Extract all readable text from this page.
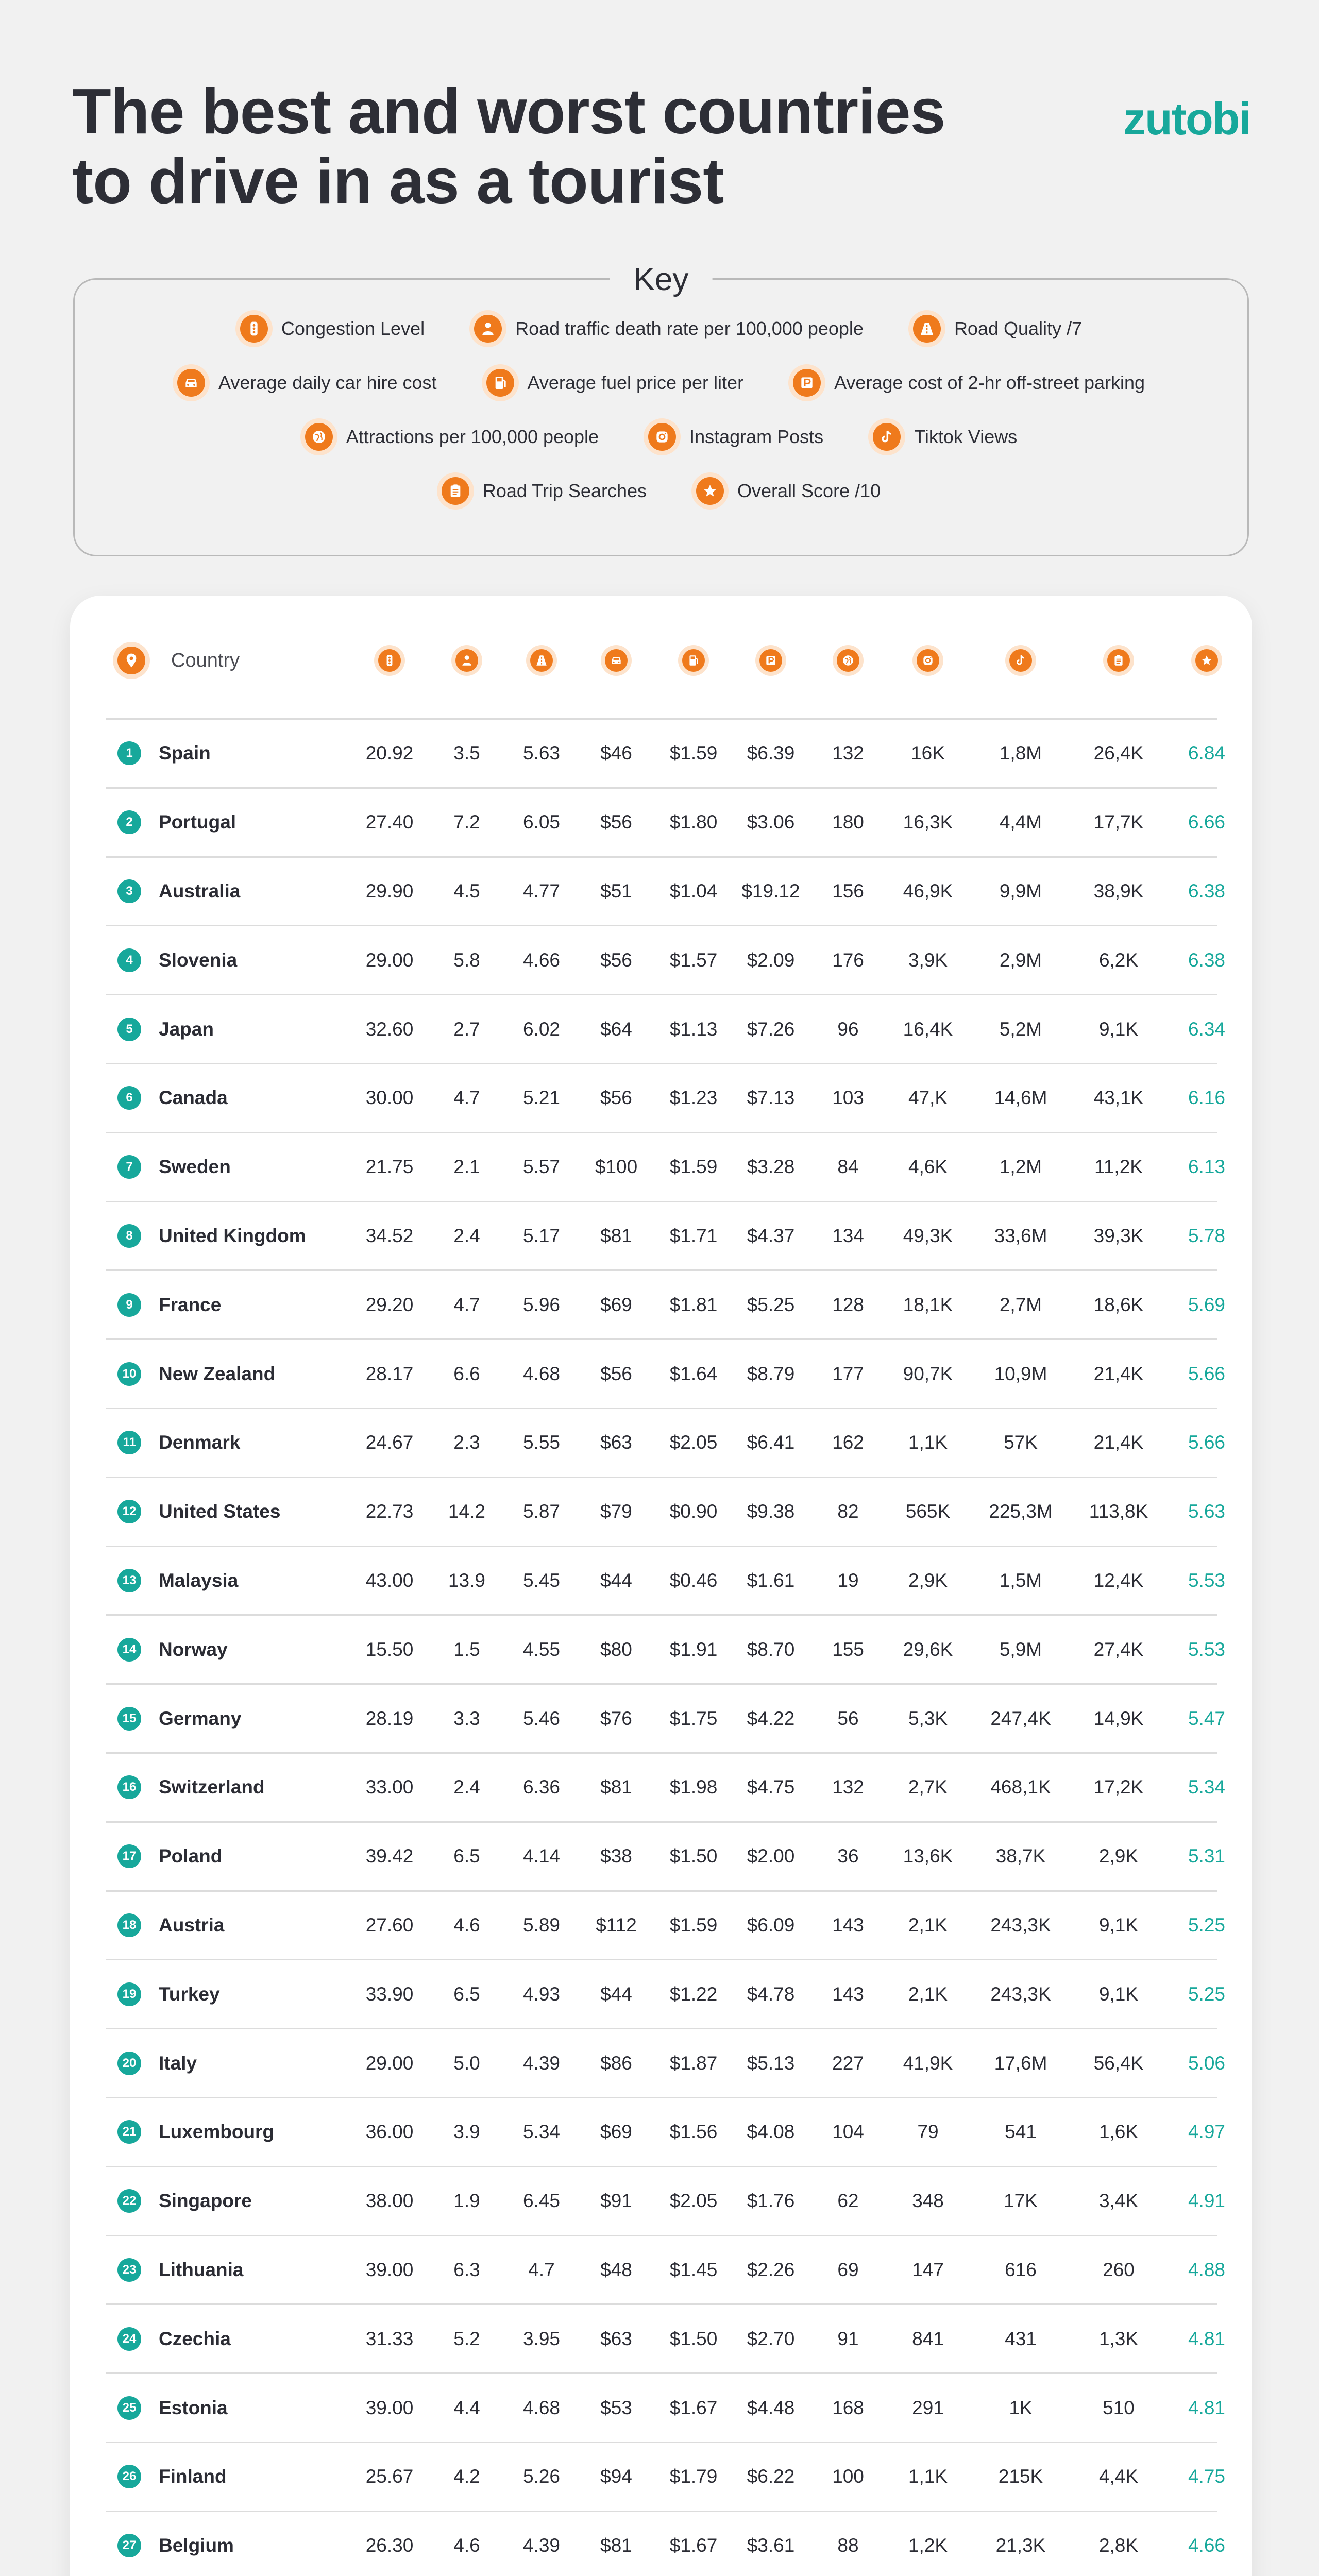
The best and worst countries
to drive in as a tourist
zutobi
Key
Congestion Level	Road traffic death rate per 100,000 people	Road Quality /7
Average daily car hire cost	Average fuel price per liter	Average cost of 2-hr off-street parking
Attractions per 100,000 people	Instagram Posts	Tiktok Views
Road Trip Searches	Overall Score /10
Country
1	Spain	20.92	3.5	5.63	$46	$1.59	$6.39	132	16K	1,8M	26,4K	6.84
2	Portugal	27.40	7.2	6.05	$56	$1.80	$3.06	180	16,3K	4,4M	17,7K	6.66
3	Australia	29.90	4.5	4.77	$51	$1.04	$19.12	156	46,9K	9,9M	38,9K	6.38
4	Slovenia	29.00	5.8	4.66	$56	$1.57	$2.09	176	3,9K	2,9M	6,2K	6.38
5	Japan	32.60	2.7	6.02	$64	$1.13	$7.26	96	16,4K	5,2M	9,1K	6.34
6	Canada	30.00	4.7	5.21	$56	$1.23	$7.13	103	47,K	14,6M	43,1K	6.16
7	Sweden	21.75	2.1	5.57	$100	$1.59	$3.28	84	4,6K	1,2M	11,2K	6.13
8	United Kingdom	34.52	2.4	5.17	$81	$1.71	$4.37	134	49,3K	33,6M	39,3K	5.78
9	France	29.20	4.7	5.96	$69	$1.81	$5.25	128	18,1K	2,7M	18,6K	5.69
10 New Zealand	28.17	6.6	4.68	$56	$1.64	$8.79	177	90,7K	10,9M	21,4K	5.66
11 Denmark	24.67	2.3	5.55	$63	$2.05	$6.41	162	1,1K	57K	21,4K	5.66
12 United States	22.73	14.2	5.87	$79	$0.90	$9.38	82	565K	225,3M	113,8K	5.63
13 Malaysia	43.00	13.9	5.45	$44	$0.46	$1.61	19	2,9K	1,5M	12,4K	5.53
14 Norway	15.50	1.5	4.55	$80	$1.91	$8.70	155	29,6K	5,9M	27,4K	5.53
15 Germany	28.19	3.3	5.46	$76	$1.75	$4.22	56	5,3K	247,4K	14,9K	5.47
16 Switzerland	33.00	2.4	6.36	$81	$1.98	$4.75	132	2,7K	468,1K	17,2K	5.34
17 Poland	39.42	6.5	4.14	$38	$1.50	$2.00	36	13,6K	38,7K	2,9K	5.31
18 Austria	27.60	4.6	5.89	$112	$1.59	$6.09	143	2,1K	243,3K	9,1K	5.25
19 Turkey	33.90	6.5	4.93	$44	$1.22	$4.78	143	2,1K	243,3K	9,1K	5.25
20 Italy	29.00	5.0	4.39	$86	$1.87	$5.13	227	41,9K	17,6M	56,4K	5.06
21 Luxembourg	36.00	3.9	5.34	$69	$1.56	$4.08	104	79	541	1,6K	4.97
22 Singapore	38.00	1.9	6.45	$91	$2.05	$1.76	62	348	17K	3,4K	4.91
23 Lithuania	39.00	6.3	4.7	$48	$1.45	$2.26	69	147	616	260	4.88
24 Czechia	31.33	5.2	3.95	$63	$1.50	$2.70	91	841	431	1,3K	4.81
25 Estonia	39.00	4.4	4.68	$53	$1.67	$4.48	168	291	1K	510	4.81
26 Finland	25.67	4.2	5.26	$94	$1.79	$6.22	100	1,1K	215K	4,4K	4.75
27 Belgium	26.30	4.6	4.39	$81	$1.67	$3.61	88	1,2K	21,3K	2,8K	4.66
